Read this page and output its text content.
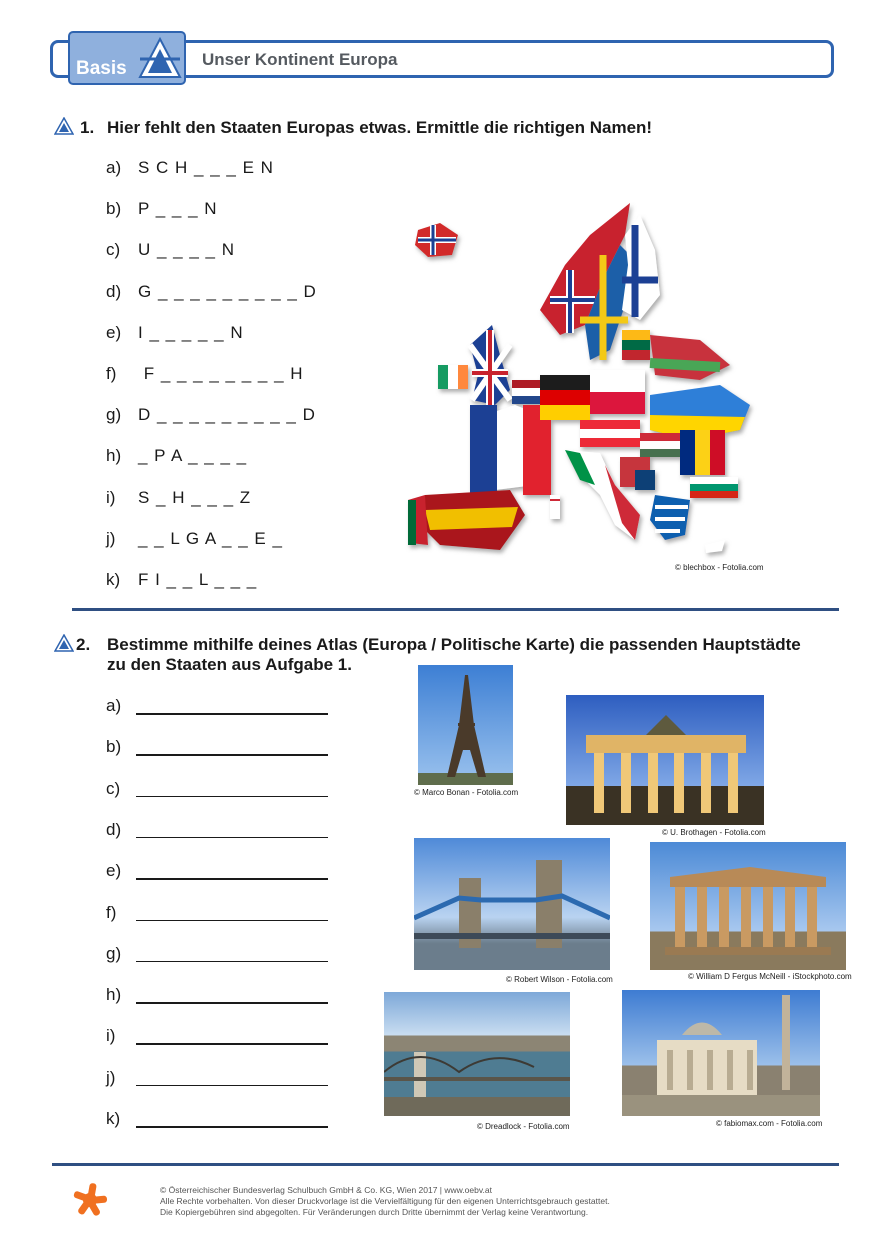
Basis	Unser Kontinent Europa
1. Hier fehlt den Staaten Europas etwas. Ermittle die richtigen Namen!
a) S C H _ _ _ E N
b) P _ _ _ N
c) U _ _ _ _ N
d) G _ _ _ _ _ _ _ _ _ D
e) I _ _ _ _ _ N
f) F _ _ _ _ _ _ _ _ H
g) D _ _ _ _ _ _ _ _ _ D
h) _ P A _ _ _ _
i) S _ H _ _ _ Z
j) _ _ L G A _ _ E _
k) F I _ _ L _ _ _
© blechbox - Fotolia.com
2. Bestimme mithilfe deines Atlas (Europa / Politische Karte) die passenden Hauptstädte
zu den Staaten aus Aufgabe 1.
a)
b)
c)
d)
e)
f)
g)
h)
i)
j)
k)
© Marco Bonan - Fotolia.com
© U. Brothagen - Fotolia.com
© Robert Wilson - Fotolia.com	© William D Fergus McNeill - iStockphoto.com
© Dreadlock - Fotolia.com	© fabiomax.com - Fotolia.com
© Österreichischer Bundesverlag Schulbuch GmbH & Co. KG, Wien 2017 | www.oebv.at
Alle Rechte vorbehalten. Von dieser Druckvorlage ist die Vervielfältigung für den eigenen Unterrichtsgebrauch gestattet.
Die Kopiergebühren sind abgegolten. Für Veränderungen durch Dritte übernimmt der Verlag keine Verantwortung.
